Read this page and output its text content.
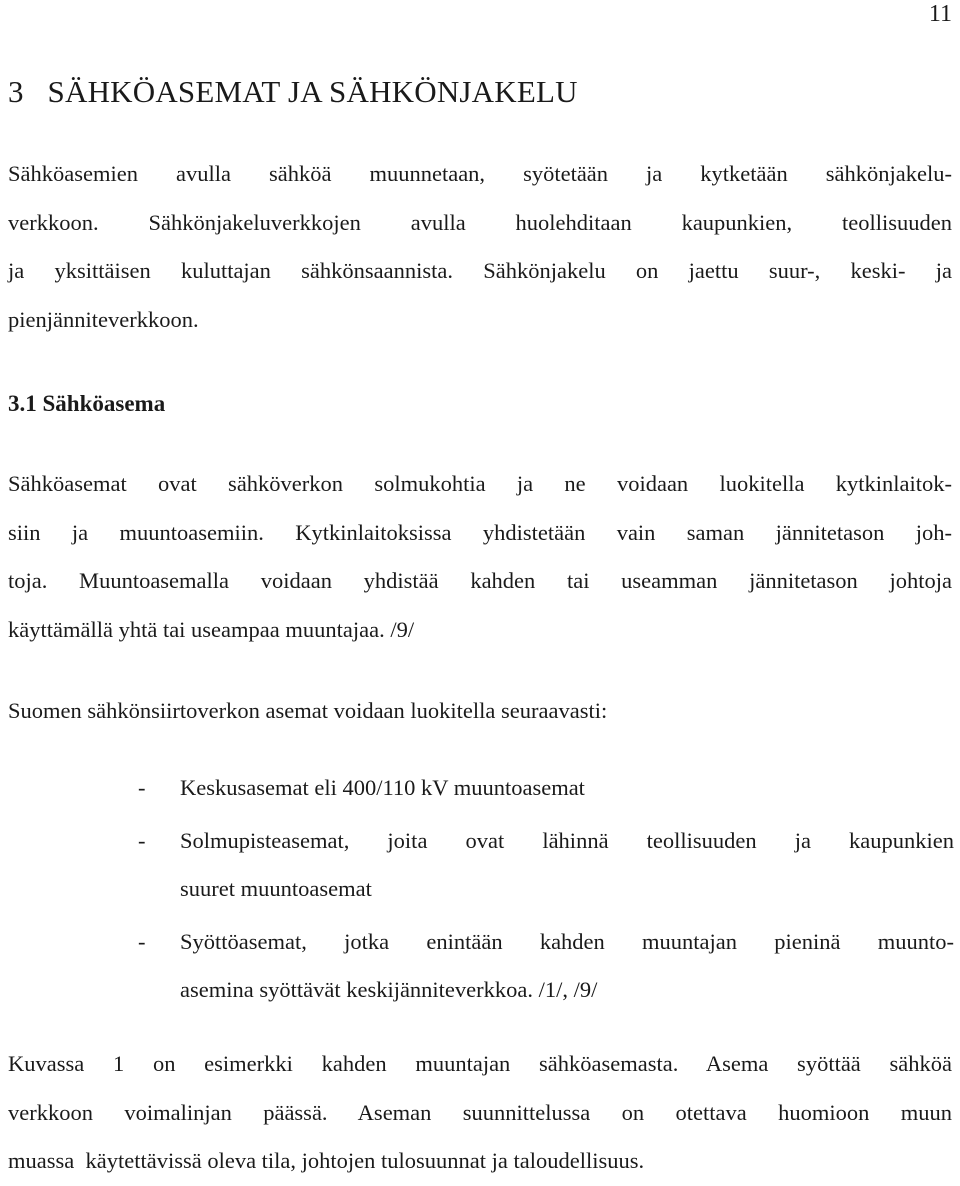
11

3   SÄHKÖASEMAT JA SÄHKÖNJAKELU

Sähköasemien avulla sähköä muunnetaan, syötetään ja kytketään sähkönjakelu-
verkkoon. Sähkönjakeluverkkojen avulla huolehditaan kaupunkien, teollisuuden
ja yksittäisen kuluttajan sähkönsaannista. Sähkönjakelu on jaettu suur-, keski- ja
pienjänniteverkkoon.

3.1 Sähköasema

Sähköasemat ovat sähköverkon solmukohtia ja ne voidaan luokitella kytkinlaitok-
siin ja muuntoasemiin. Kytkinlaitoksissa yhdistetään vain saman jännitetason joh-
toja. Muuntoasemalla voidaan yhdistää kahden tai useamman jännitetason johtoja
käyttämällä yhtä tai useampaa muuntajaa. /9/

Suomen sähkönsiirtoverkon asemat voidaan luokitella seuraavasti:

- Keskusasemat eli 400/110 kV muuntoasemat
- Solmupisteasemat, joita ovat lähinnä teollisuuden ja kaupunkien
suuret muuntoasemat
- Syöttöasemat, jotka enintään kahden muuntajan pieninä muunto-
asemina syöttävät keskijänniteverkkoa. /1/, /9/

Kuvassa 1 on esimerkki kahden muuntajan sähköasemasta. Asema syöttää sähköä
verkkoon voimalinjan päässä. Aseman suunnittelussa on otettava huomioon muun
muassa  käytettävissä oleva tila, johtojen tulosuunnat ja taloudellisuus.
